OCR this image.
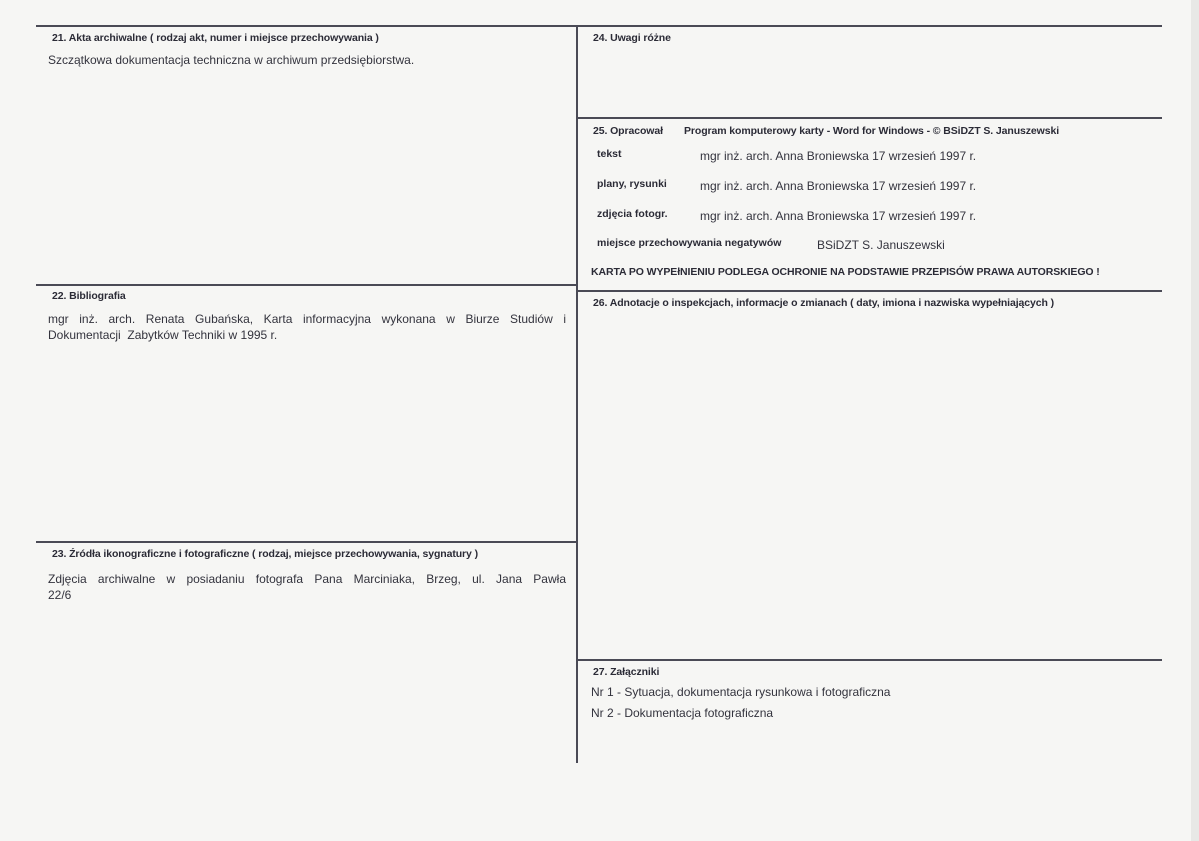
21. Akta archiwalne ( rodzaj akt, numer i miejsce przechowywania )
Szczątkowa dokumentacja techniczna w archiwum przedsiębiorstwa.
22. Bibliografia
mgr inż. arch. Renata Gubańska, Karta informacyjna wykonana w Biurze Studiów i
Dokumentacji  Zabytków Techniki w 1995 r.
23. Źródła ikonograficzne i fotograficzne ( rodzaj, miejsce przechowywania, sygnatury )
Zdjęcia archiwalne w posiadaniu fotografa Pana Marciniaka, Brzeg, ul. Jana Pawła
22/6
24. Uwagi różne
25. Opracował Program komputerowy karty - Word for Windows - © BSiDZT S. Januszewski
tekst	mgr inż. arch. Anna Broniewska 17 wrzesień 1997 r.
plany, rysunki	mgr inż. arch. Anna Broniewska 17 wrzesień 1997 r.
zdjęcia fotogr.	mgr inż. arch. Anna Broniewska 17 wrzesień 1997 r.
miejsce przechowywania negatywów	BSiDZT S. Januszewski
KARTA PO WYPEłNIENIU PODLEGA OCHRONIE NA PODSTAWIE PRZEPISÓW PRAWA AUTORSKIEGO !
26. Adnotacje o inspekcjach, informacje o zmianach ( daty, imiona i nazwiska wypełniających )
27. Załączniki
Nr 1 - Sytuacja, dokumentacja rysunkowa i fotograficzna
Nr 2 - Dokumentacja fotograficzna
